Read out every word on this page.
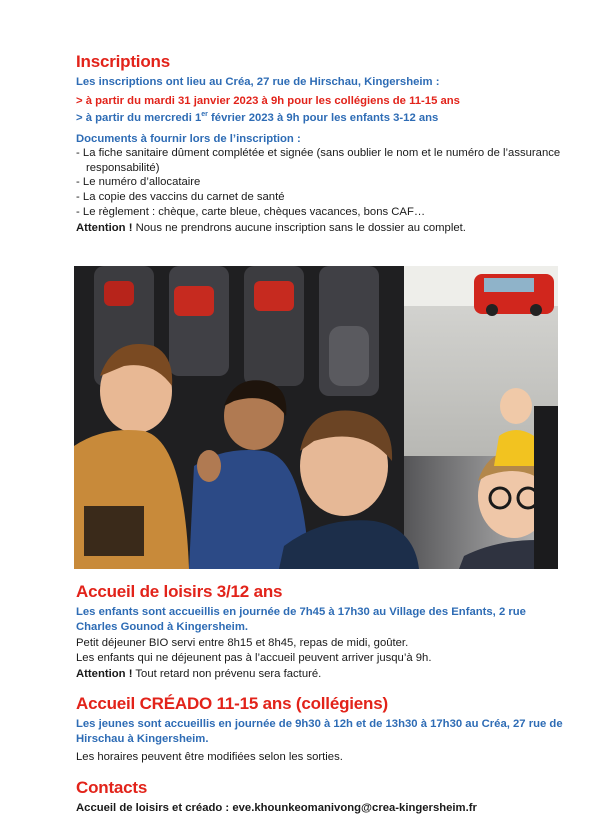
Inscriptions

Les inscriptions ont lieu au Créa, 27 rue de Hirschau, Kingersheim :

> à partir du mardi 31 janvier 2023 à 9h pour les collégiens de 11-15 ans

> à partir du mercredi 1er février 2023 à 9h pour les enfants 3-12 ans

Documents à fournir lors de l’inscription :

- La fiche sanitaire dûment complétée et signée (sans oublier le nom et le numéro de l’assurance responsabilité)
- Le numéro d’allocataire
- La copie des vaccins du carnet de santé
- Le règlement : chèque, carte bleue, chèques vacances, bons CAF…

Attention ! Nous ne prendrons aucune inscription sans le dossier au complet.

Accueil de loisirs 3/12 ans

Les enfants sont accueillis en journée de 7h45 à 17h30 au Village des Enfants, 2 rue Charles Gounod à Kingersheim.

Petit déjeuner BIO servi entre 8h15 et 8h45, repas de midi, goûter.

Les enfants qui ne déjeunent pas à l’accueil peuvent arriver jusqu’à 9h.

Attention ! Tout retard non prévenu sera facturé.

Accueil CRÉADO 11-15 ans (collégiens)

Les jeunes sont accueillis en journée de 9h30 à 12h et de 13h30 à 17h30 au Créa, 27 rue de Hirschau à Kingersheim.

Les horaires peuvent être modifiées selon les sorties.

Contacts

Accueil de loisirs et créado : eve.khounkeomanivong@crea-kingersheim.fr
